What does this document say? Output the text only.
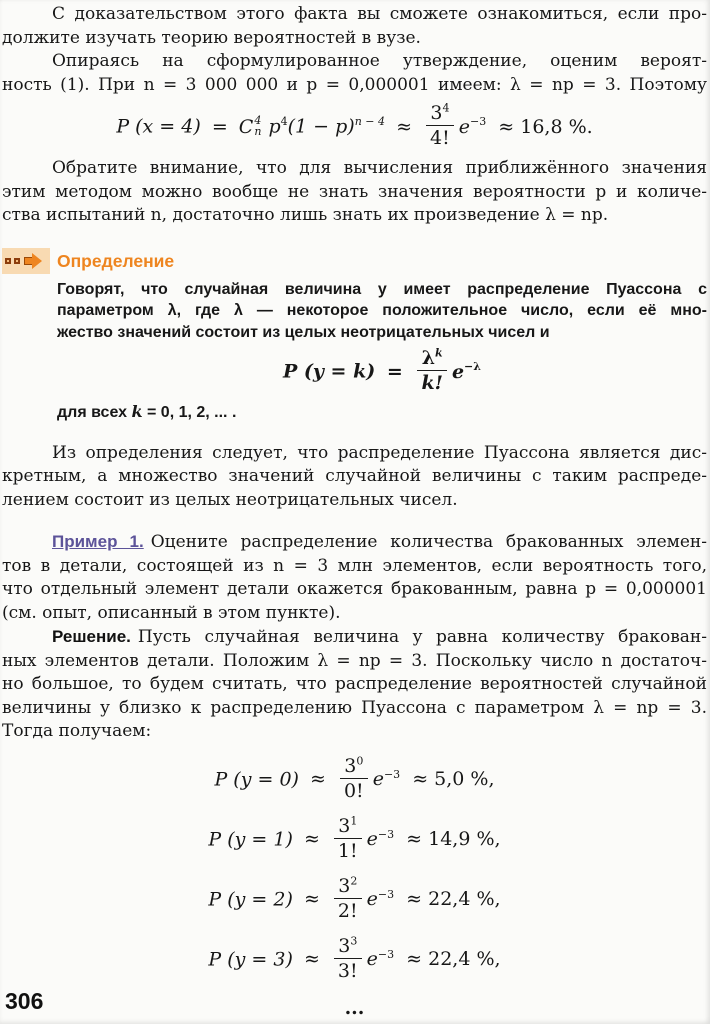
С доказательством этого факта вы сможете ознакомиться, если про-
должите изучать теорию вероятностей в вузе.

Опираясь на сформулированное утверждение, оценим вероят-
ность (1). При n = 3 000 000 и p = 0,000001 имеем: λ = np = 3. Поэтому

P (x = 4) = C 4
n $p^4(1 - p)^{n - 4} \approx \frac{3^4}{4!} e^{-3} \approx 16,8$ %.

Обратите внимание, что для вычисления приближённого значения
этим методом можно вообще не знать значения вероятности p и количе-
ства испытаний n, достаточно лишь знать их произведение λ = np.

Определение
Говорят, что случайная величина y имеет распределение Пуассона с
параметром λ, где λ — некоторое положительное число, если её мно-
жество значений состоит из целых неотрицательных чисел и
P $(y = k) = \frac{\lambda^k}{k!} e^{-\lambda}$
для всех k = 0, 1, 2, ... .

Из определения следует, что распределение Пуассона является дис-
кретным, а множество значений случайной величины с таким распреде-
лением состоит из целых неотрицательных чисел.

Пример 1. Оцените распределение количества бракованных элемен-
тов в детали, состоящей из n = 3 млн элементов, если вероятность того,
что отдельный элемент детали окажется бракованным, равна p = 0,000001
(см. опыт, описанный в этом пункте).

Решение. Пусть случайная величина y равна количеству бракован-
ных элементов детали. Положим λ = np = 3. Поскольку число n достаточ-
но большое, то будем считать, что распределение вероятностей случайной
величины y близко к распределению Пуассона с параметром λ = np = 3.
Тогда получаем:

P $(y = 0) \approx \frac{3^0}{0!} e^{-3} \approx 5,0$ %,
P $(y = 1) \approx \frac{3^1}{1!} e^{-3} \approx 14,9$ %,
P $(y = 2) \approx \frac{3^2}{2!} e^{-3} \approx 22,4$ %,
P $(y = 3) \approx \frac{3^3}{3!} e^{-3} \approx 22,4$ %,
...
306
